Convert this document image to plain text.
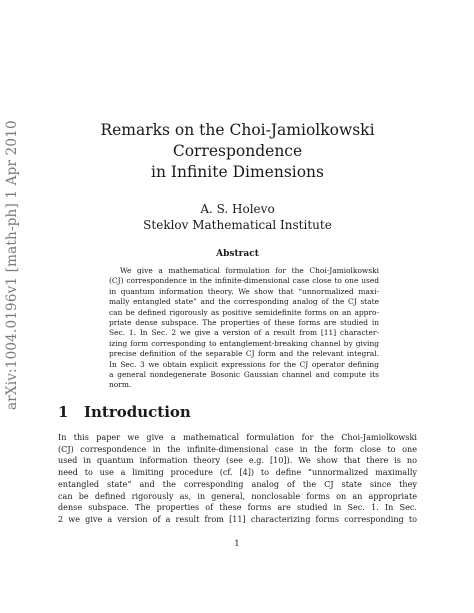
arXiv:1004.0196v1 [math-ph] 1 Apr 2010	Remarks on the Choi-Jamiolkowski
Correspondence
in Infinite Dimensions
A. S. Holevo
Steklov Mathematical Institute
Abstract
We give a mathematical formulation for the Choi-Jamiolkowski
(CJ) correspondence in the infinite-dimensional case close to one used
in quantum information theory. We show that “unnormalized maxi-
mally entangled state” and the corresponding analog of the CJ state
can be defined rigorously as positive semidefinite forms on an appro-
priate dense subspace. The properties of these forms are studied in
Sec. 1. In Sec. 2 we give a version of a result from [11] character-
izing form corresponding to entanglement-breaking channel by giving
precise definition of the separable CJ form and the relevant integral.
In Sec. 3 we obtain explicit expressions for the CJ operator defining
a general nondegenerate Bosonic Gaussian channel and compute its
norm.
1 Introduction
In this paper we give a mathematical formulation for the Choi-Jamiolkowski
(CJ) correspondence in the infinite-dimensional case in the form close to one
used in quantum information theory (see e.g. [10]). We show that there is no
need to use a limiting procedure (cf. [4]) to define “unnormalized maximally
entangled state” and the corresponding analog of the CJ state since they
can be defined rigorously as, in general, nonclosable forms on an appropriate
dense subspace. The properties of these forms are studied in Sec. 1. In Sec.
2 we give a version of a result from [11] characterizing forms corresponding to
1
